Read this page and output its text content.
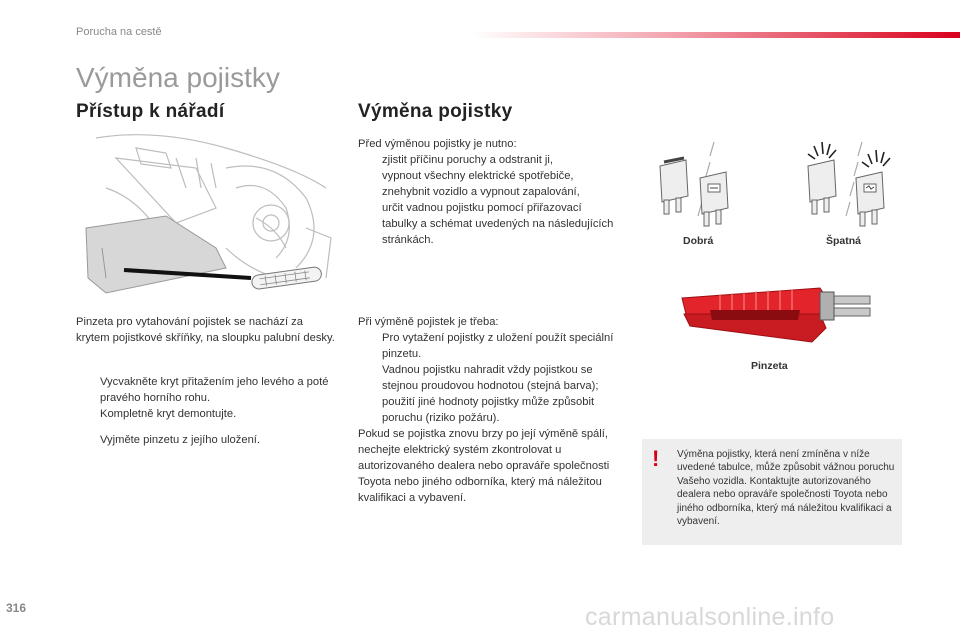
Porucha na cestě
Výměna pojistky
Přístup k nářadí
Pinzeta pro vytahování pojistek se nachází za krytem pojistkové skříňky, na sloupku palubní desky.
Vycvakněte kryt přitažením jeho levého a poté pravého horního rohu.
Kompletně kryt demontujte.
Vyjměte pinzetu z jejího uložení.
Výměna pojistky
Před výměnou pojistky je nutno:
zjistit příčinu poruchy a odstranit ji,
vypnout všechny elektrické spotřebiče,
znehybnit vozidlo a vypnout zapalování,
určit vadnou pojistku pomocí přiřazovací tabulky a schémat uvedených na následujících stránkách.
Při výměně pojistek je třeba:
Pro vytažení pojistky z uložení použít speciální pinzetu.
Vadnou pojistku nahradit vždy pojistkou se stejnou proudovou hodnotou (stejná barva); použití jiné hodnoty pojistky může způsobit poruchu (riziko požáru).
Pokud se pojistka znovu brzy po její výměně spálí, nechejte elektrický systém zkontrolovat u autorizovaného dealera nebo opraváře společnosti Toyota nebo jiného odborníka, který má náležitou kvalifikaci a vybavení.
Dobrá	Špatná
Pinzeta
! Výměna pojistky, která není zmíněna v níže uvedené tabulce, může způsobit vážnou poruchu Vašeho vozidla. Kontaktujte autorizovaného dealera nebo opraváře společnosti Toyota nebo jiného odborníka, který má náležitou kvalifikaci a vybavení.
316	carmanualsonline.info
